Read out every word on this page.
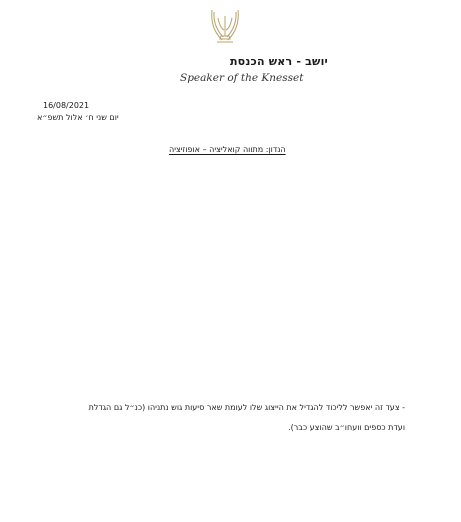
יושב - ראש הכנסת
Speaker of the Knesset
16/08/2021
יום שני ח׳ אלול תשפ״א
הנדון: מתווה קואליציה – אופוזיציה
- צעד זה יאפשר לליכוד להגדיל את הייצוג שלו לעומת שאר סיעות גוש נתניהו (כנ״ל גם הגדלת
ועדת כספים וועחו״ב שהוצע כבר).
